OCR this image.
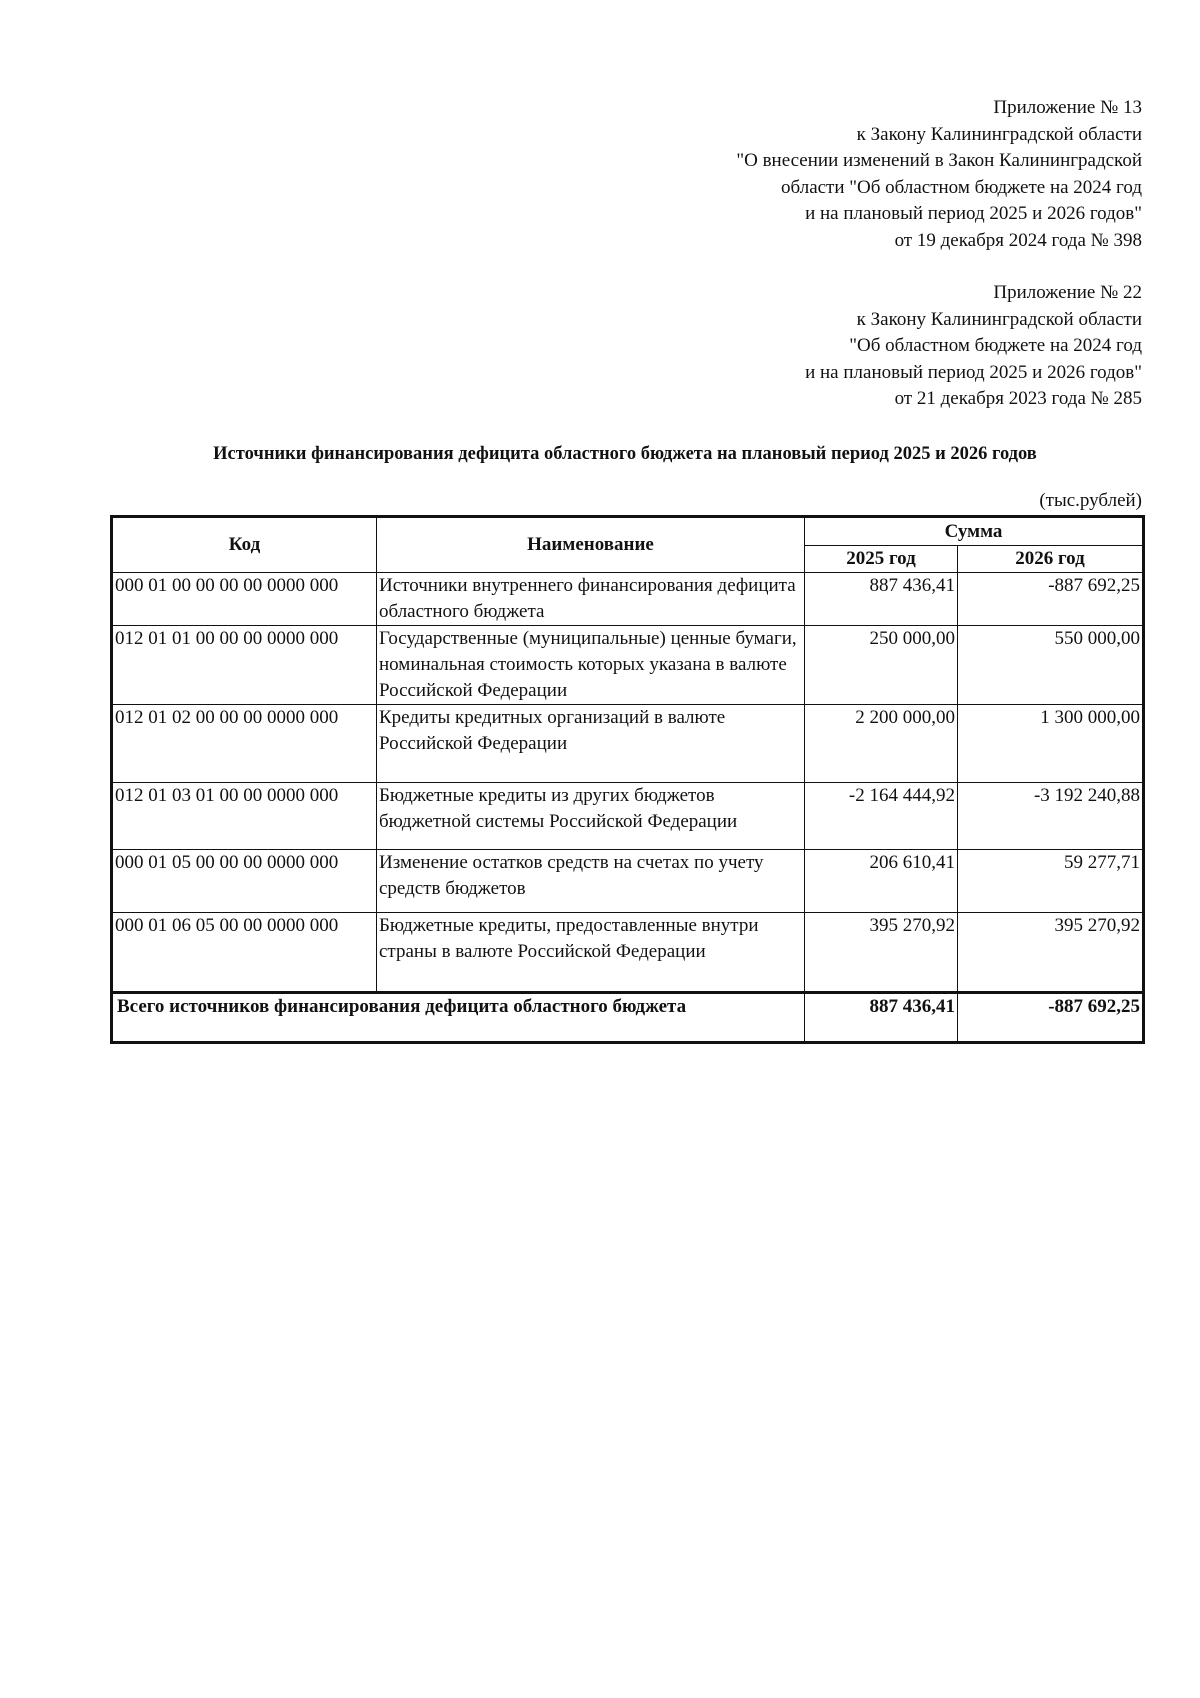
Приложение № 13
к Закону Калининградской области
"О внесении изменений в Закон Калининградской
области "Об областном бюджете на 2024 год
и на плановый период 2025 и 2026 годов"
от 19 декабря 2024 года № 398
Приложение № 22
к Закону Калининградской области
"Об областном бюджете на 2024 год
и на плановый период 2025 и 2026 годов"
от 21 декабря 2023 года № 285
Источники финансирования дефицита областного бюджета на плановый период 2025 и 2026 годов
(тыс.рублей)
Код	Наименование	Сумма	
		2025 год	2026 год
000 01 00 00 00 00 0000 000	Источники внутреннего финансирования дефицита областного бюджета	887 436,41	-887 692,25
012 01 01 00 00 00 0000 000	Государственные (муниципальные) ценные бумаги, номинальная стоимость которых указана в валюте Российской Федерации	250 000,00	550 000,00
012 01 02 00 00 00 0000 000	Кредиты кредитных организаций в валюте Российской Федерации	2 200 000,00	1 300 000,00
012 01 03 01 00 00 0000 000	Бюджетные кредиты из других бюджетов бюджетной системы Российской Федерации	-2 164 444,92	-3 192 240,88
000 01 05 00 00 00 0000 000	Изменение остатков средств на счетах по учету средств бюджетов	206 610,41	59 277,71
000 01 06 05 00 00 0000 000	Бюджетные кредиты, предоставленные внутри страны в валюте Российской Федерации	395 270,92	395 270,92
Всего источников финансирования дефицита областного бюджета		887 436,41	-887 692,25
